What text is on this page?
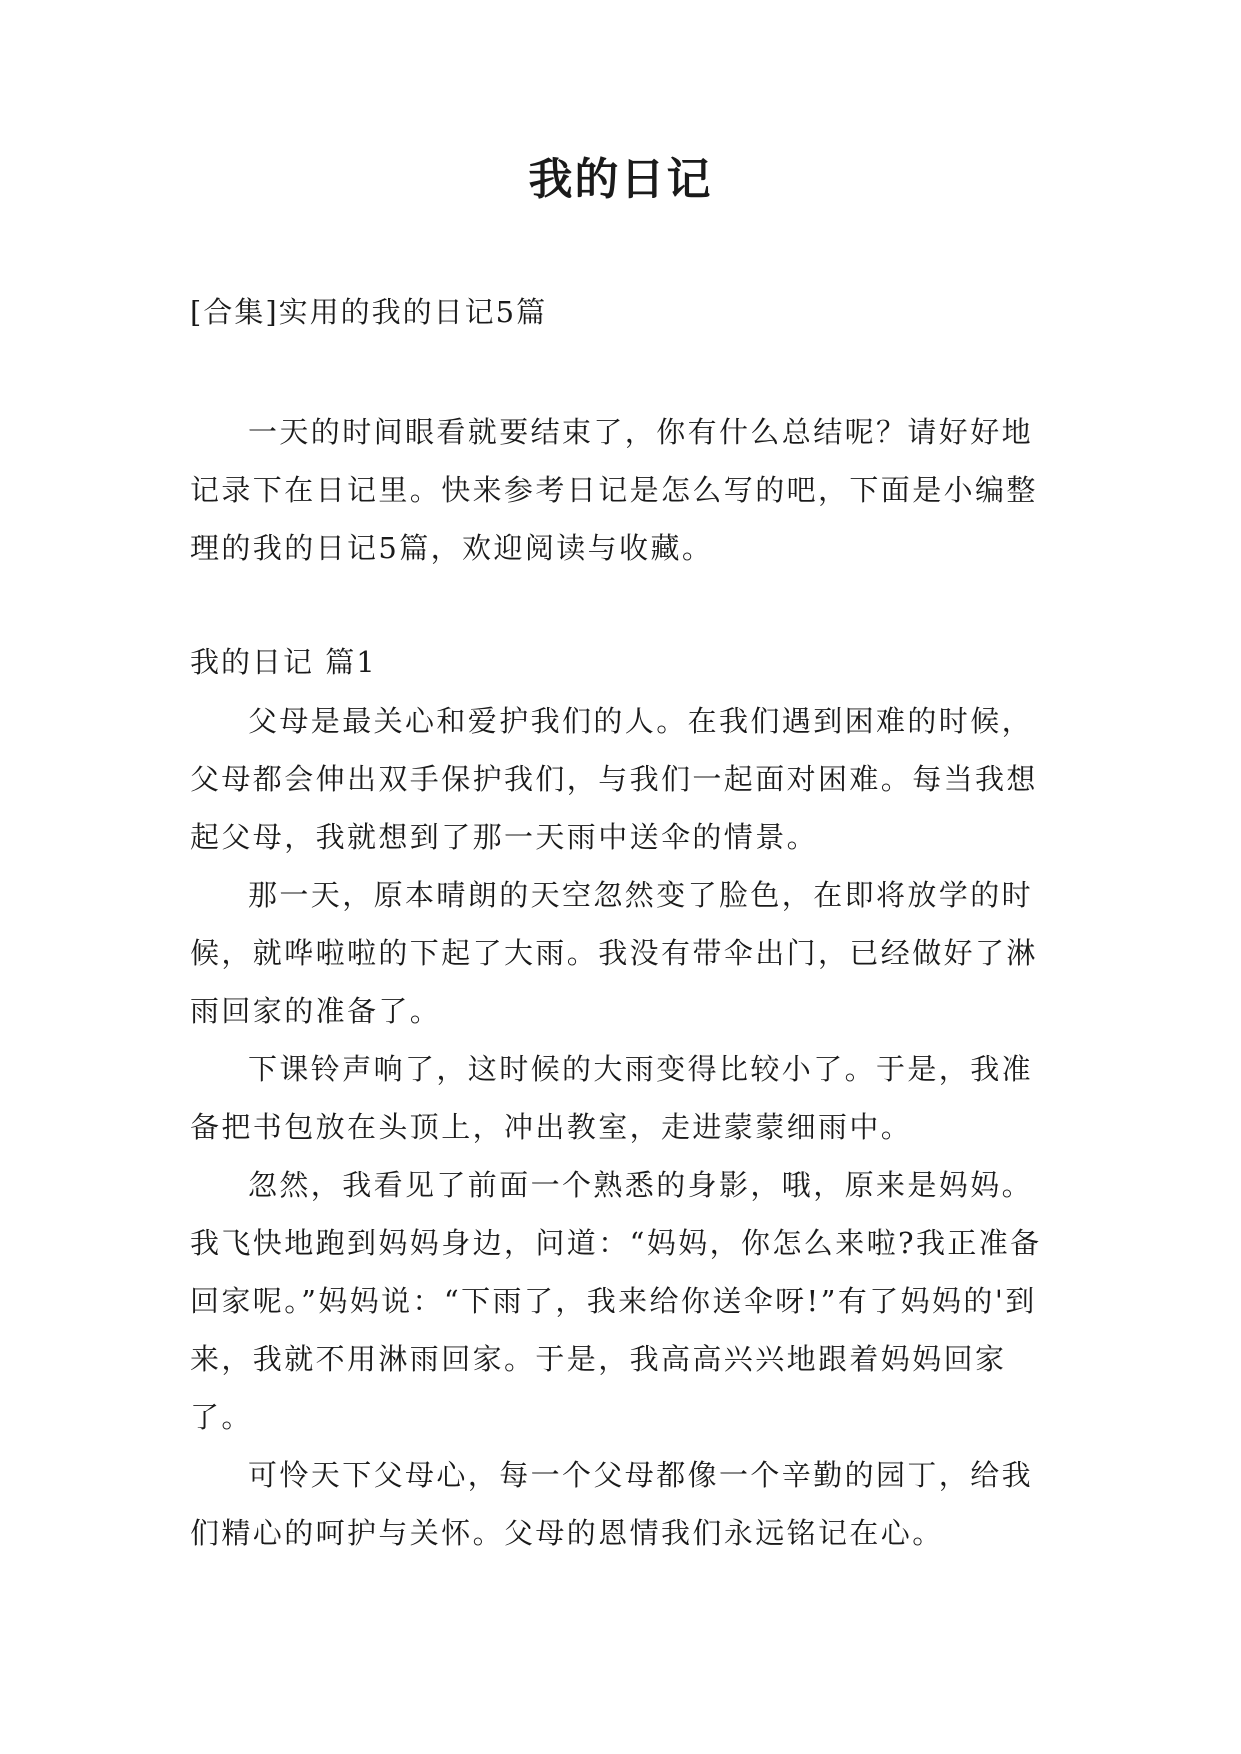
我的日记

[合集]实用的我的日记5篇

一天的时间眼看就要结束了，你有什么总结呢？请好好地记录下在日记里。快来参考日记是怎么写的吧，下面是小编整理的我的日记5篇，欢迎阅读与收藏。

我的日记 篇1

父母是最关心和爱护我们的人。在我们遇到困难的时候，父母都会伸出双手保护我们，与我们一起面对困难。每当我想起父母，我就想到了那一天雨中送伞的情景。

那一天，原本晴朗的天空忽然变了脸色，在即将放学的时候，就哗啦啦的下起了大雨。我没有带伞出门，已经做好了淋雨回家的准备了。

下课铃声响了，这时候的大雨变得比较小了。于是，我准备把书包放在头顶上，冲出教室，走进蒙蒙细雨中。

忽然，我看见了前面一个熟悉的身影，哦，原来是妈妈。我飞快地跑到妈妈身边，问道：“妈妈，你怎么来啦?我正准备回家呢。”妈妈说：“下雨了，我来给你送伞呀!”有了妈妈的'到来，我就不用淋雨回家。于是，我高高兴兴地跟着妈妈回家了。

可怜天下父母心，每一个父母都像一个辛勤的园丁，给我们精心的呵护与关怀。父母的恩情我们永远铭记在心。
